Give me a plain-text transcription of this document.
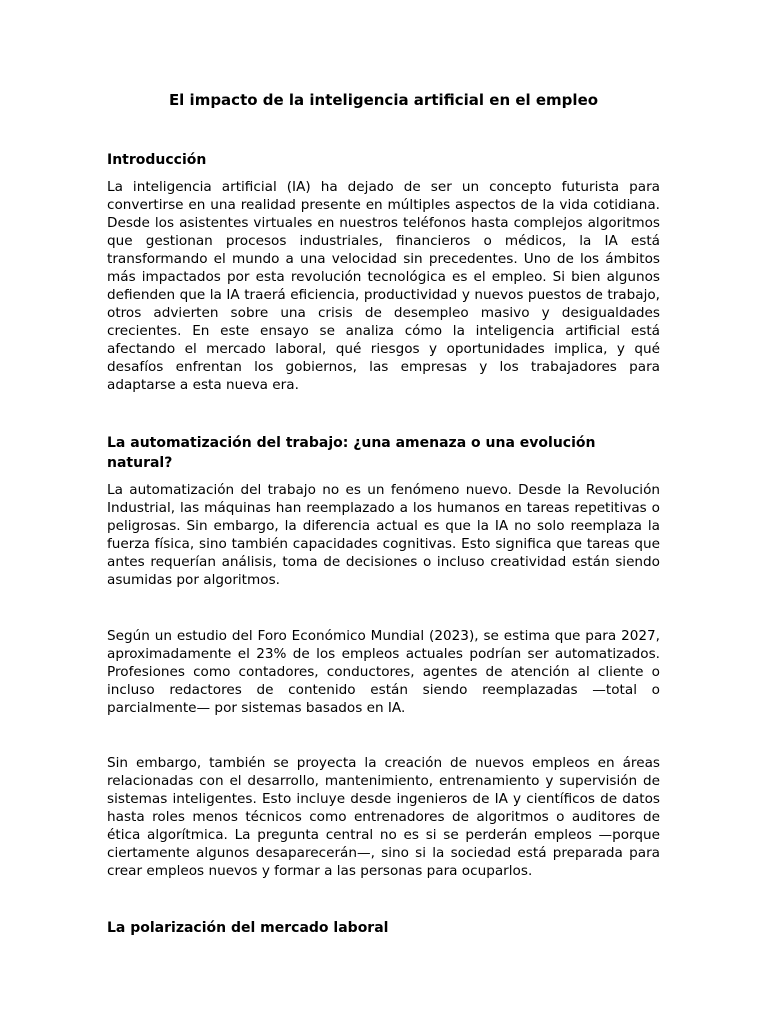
El impacto de la inteligencia artificial en el empleo
Introducción

La inteligencia artificial (IA) ha dejado de ser un concepto futurista para convertirse en una realidad presente en múltiples aspectos de la vida cotidiana. Desde los asistentes virtuales en nuestros teléfonos hasta complejos algoritmos que gestionan procesos industriales, financieros o médicos, la IA está transformando el mundo a una velocidad sin precedentes. Uno de los ámbitos más impactados por esta revolución tecnológica es el empleo. Si bien algunos defienden que la IA traerá eficiencia, productividad y nuevos puestos de trabajo, otros advierten sobre una crisis de desempleo masivo y desigualdades crecientes. En este ensayo se analiza cómo la inteligencia artificial está afectando el mercado laboral, qué riesgos y oportunidades implica, y qué desafíos enfrentan los gobiernos, las empresas y los trabajadores para adaptarse a esta nueva era.

La automatización del trabajo: ¿una amenaza o una evolución natural?

La automatización del trabajo no es un fenómeno nuevo. Desde la Revolución Industrial, las máquinas han reemplazado a los humanos en tareas repetitivas o peligrosas. Sin embargo, la diferencia actual es que la IA no solo reemplaza la fuerza física, sino también capacidades cognitivas. Esto significa que tareas que antes requerían análisis, toma de decisiones o incluso creatividad están siendo asumidas por algoritmos.

Según un estudio del Foro Económico Mundial (2023), se estima que para 2027, aproximadamente el 23% de los empleos actuales podrían ser automatizados. Profesiones como contadores, conductores, agentes de atención al cliente o incluso redactores de contenido están siendo reemplazadas —total o parcialmente— por sistemas basados en IA.

Sin embargo, también se proyecta la creación de nuevos empleos en áreas relacionadas con el desarrollo, mantenimiento, entrenamiento y supervisión de sistemas inteligentes. Esto incluye desde ingenieros de IA y científicos de datos hasta roles menos técnicos como entrenadores de algoritmos o auditores de ética algorítmica. La pregunta central no es si se perderán empleos —porque ciertamente algunos desaparecerán—, sino si la sociedad está preparada para crear empleos nuevos y formar a las personas para ocuparlos.

La polarización del mercado laboral
